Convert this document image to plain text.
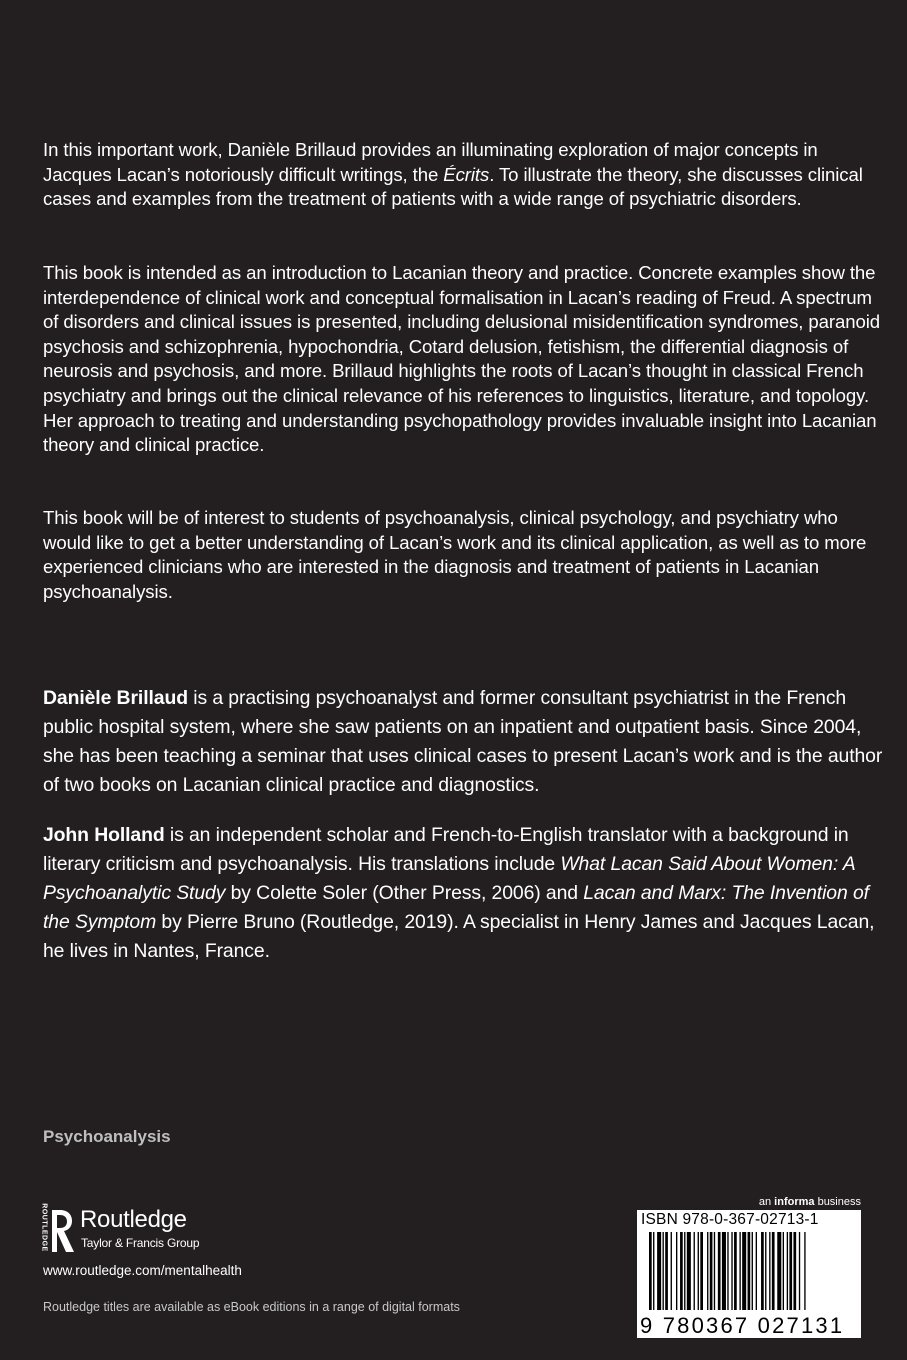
In this important work, Danièle Brillaud provides an illuminating exploration of major concepts in Jacques Lacan’s notoriously difficult writings, the Écrits. To illustrate the theory, she discusses clinical cases and examples from the treatment of patients with a wide range of psychiatric disorders.

This book is intended as an introduction to Lacanian theory and practice. Concrete examples show the interdependence of clinical work and conceptual formalisation in Lacan’s reading of Freud. A spectrum of disorders and clinical issues is presented, including delusional misidentification syndromes, paranoid psychosis and schizophrenia, hypochondria, Cotard delusion, fetishism, the differential diagnosis of neurosis and psychosis, and more. Brillaud highlights the roots of Lacan’s thought in classical French psychiatry and brings out the clinical relevance of his references to linguistics, literature, and topology. Her approach to treating and understanding psychopathology provides invaluable insight into Lacanian theory and clinical practice.

This book will be of interest to students of psychoanalysis, clinical psychology, and psychiatry who would like to get a better understanding of Lacan’s work and its clinical application, as well as to more experienced clinicians who are interested in the diagnosis and treatment of patients in Lacanian psychoanalysis.

Danièle Brillaud is a practising psychoanalyst and former consultant psychiatrist in the French public hospital system, where she saw patients on an inpatient and outpatient basis. Since 2004, she has been teaching a seminar that uses clinical cases to present Lacan’s work and is the author of two books on Lacanian clinical practice and diagnostics.

John Holland is an independent scholar and French-to-English translator with a background in literary criticism and psychoanalysis. His translations include What Lacan Said About Women: A Psychoanalytic Study by Colette Soler (Other Press, 2006) and Lacan and Marx: The Invention of the Symptom by Pierre Bruno (Routledge, 2019). A specialist in Henry James and Jacques Lacan, he lives in Nantes, France.

Psychoanalysis
ROUTLEDGE Routledge
Taylor & Francis Group
www.routledge.com/mentalhealth
Routledge titles are available as eBook editions in a range of digital formats
an informa business
ISBN 978-0-367-02713-1
9 780367 027131
